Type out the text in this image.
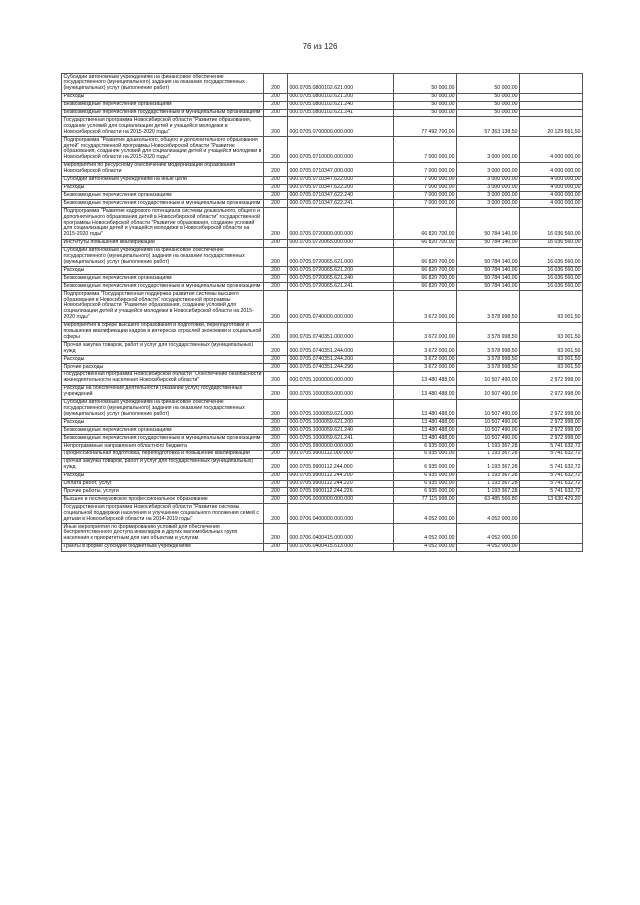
76 из 126
Субсидии автономным учреждениям на финансовое обеспечение государственного (муниципального) задания на оказание государственных (муниципальных) услуг (выполнение работ)	200	000.0705.0800102.621.000	50 000,00	50 000,00	
Расходы	200	000.0705.0800102.621.200	50 000,00	50 000,00	
Безвозмездные перечисления организациям	200	000.0705.0800102.621.240	50 000,00	50 000,00	
Безвозмездные перечисления государственным и муниципальным организациям	200	000.0705.0800102.621.241	50 000,00	50 000,00	
Государственная программа Новосибирской области "Развитие образования, создание условий для социализации детей и учащейся молодежи в Новосибирской области на 2015-2020 годы"	200	000.0705.0700000.000.000	77 492 700,00	57 363 138,50	20 129 561,50
Подпрограмма "Развитие дошкольного, общего и дополнительного образования детей" государственной программы Новосибирской области "Развитие образования, создание условий для социализации детей и учащейся молодежи в Новосибирской области на 2015-2020 годы"	200	000.0705.0710000.000.000	7 000 000,00	3 000 000,00	4 000 000,00
Мероприятия по ресурсному обеспечению модернизации образования Новосибирской области	200	000.0705.0710347.000.000	7 000 000,00	3 000 000,00	4 000 000,00
Субсидии автономным учреждениям на иные цели	200	000.0705.0710347.622.000	7 000 000,00	3 000 000,00	4 000 000,00
Расходы	200	000.0705.0710347.622.200	7 000 000,00	3 000 000,00	4 000 000,00
Безвозмездные перечисления организациям	200	000.0705.0710347.622.240	7 000 000,00	3 000 000,00	4 000 000,00
Безвозмездные перечисления государственным и муниципальным организациям	200	000.0705.0710347.622.241	7 000 000,00	3 000 000,00	4 000 000,00
Подпрограмма "Развитие кадрового потенциала системы дошкольного, общего и дополнительного образования детей в Новосибирской области" государственной программы Новосибирской области "Развитие образования, создание условий для социализации детей и учащейся молодежи в Новосибирской области на 2015-2020 годы"	200	000.0705.0720000.000.000	66 820 700,00	50 784 140,00	16 036 560,00
Институты повышения квалификации	200	000.0705.0720065.000.000	66 820 700,00	50 784 140,00	16 036 560,00
Субсидии автономным учреждениям на финансовое обеспечение государственного (муниципального) задания на оказание государственных (муниципальных) услуг (выполнение работ)	200	000.0705.0720065.621.000	66 820 700,00	50 784 140,00	16 036 560,00
Расходы	200	000.0705.0720065.621.200	66 820 700,00	50 784 140,00	16 036 560,00
Безвозмездные перечисления организациям	200	000.0705.0720065.621.240	66 820 700,00	50 784 140,00	16 036 560,00
Безвозмездные перечисления государственным и муниципальным организациям	200	000.0705.0720065.621.241	66 820 700,00	50 784 140,00	16 036 560,00
Подпрограмма "Государственная поддержка развития системы высшего образования в Новосибирской области" государственной программы Новосибирской области "Развитие образования, создание условий для социализации детей и учащейся молодежи в Новосибирской области на 2015-2020 годы"	200	000.0705.0740000.000.000	3 672 000,00	3 578 998,50	93 001,50
Мероприятия в сфере высшего образования и подготовки, переподготовки и повышения квалификации кадров в интересах отраслей экономики и социальной сферы	200	000.0705.0740351.000.000	3 672 000,00	3 578 998,50	93 001,50
Прочая закупка товаров, работ и услуг для государственных (муниципальных) нужд	200	000.0705.0740351.244.000	3 672 000,00	3 578 998,50	93 001,50
Расходы	200	000.0705.0740351.244.200	3 672 000,00	3 578 998,50	93 001,50
Прочие расходы	200	000.0705.0740351.244.290	3 672 000,00	3 578 998,50	93 001,50
Государственная программа Новосибирской области "Обеспечение безопасности жизнедеятельности населения Новосибирской области"	200	000.0705.1000000.000.000	13 480 488,00	10 507 490,00	2 972 998,00
Расходы на обеспечение деятельности (оказание услуг) государственных учреждений	200	000.0705.1000059.000.000	13 480 488,00	10 507 490,00	2 972 998,00
Субсидии автономным учреждениям на финансовое обеспечение государственного (муниципального) задания на оказание государственных (муниципальных) услуг (выполнение работ)	200	000.0705.1000059.621.000	13 480 488,00	10 507 490,00	2 972 998,00
Расходы	200	000.0705.1000059.621.200	13 480 488,00	10 507 490,00	2 972 998,00
Безвозмездные перечисления организациям	200	000.0705.1000059.621.240	13 480 488,00	10 507 490,00	2 972 998,00
Безвозмездные перечисления государственным и муниципальным организациям	200	000.0705.1000059.621.241	13 480 488,00	10 507 490,00	2 972 998,00
Непрограммные направления областного бюджета	200	000.0705.9900000.000.000	6 935 000,00	1 193 367,28	5 741 632,72
Профессиональная подготовка, переподготовка и повышение квалификации	200	000.0705.9900112.000.000	6 935 000,00	1 193 367,28	5 741 632,72
Прочая закупка товаров, работ и услуг для государственных (муниципальных) нужд	200	000.0705.9900112.244.000	6 935 000,00	1 193 367,28	5 741 632,72
Расходы	200	000.0705.9900112.244.200	6 935 000,00	1 193 367,28	5 741 632,72
Оплата работ, услуг	200	000.0705.9900112.244.220	6 935 000,00	1 193 367,28	5 741 632,72
Прочие работы, услуги	200	000.0705.9900112.244.226	6 935 000,00	1 193 367,28	5 741 632,72
Высшее и послевузовское профессиональное образование	200	000.0706.0000000.000.000	77 115 998,00	63 485 566,80	13 630 429,20
Государственная программа Новосибирской области "Развитие системы социальной поддержки населения и улучшение социального положения семей с детьми в Новосибирской области на 2014-2019 годы"	200	000.0706.0400000.000.000	4 052 000,00	4 052 000,00	
Иные мероприятия по формированию условий для обеспечения беспрепятственного доступа инвалидов и других маломобильных групп населения к приоритетным для них объектам и услугам	200	000.0706.0400415.000.000	4 052 000,00	4 052 000,00	
Гранты в форме субсидии бюджетным учреждениям	200	000.0706.0400415.613.000	4 052 000,00	4 052 000,00	
